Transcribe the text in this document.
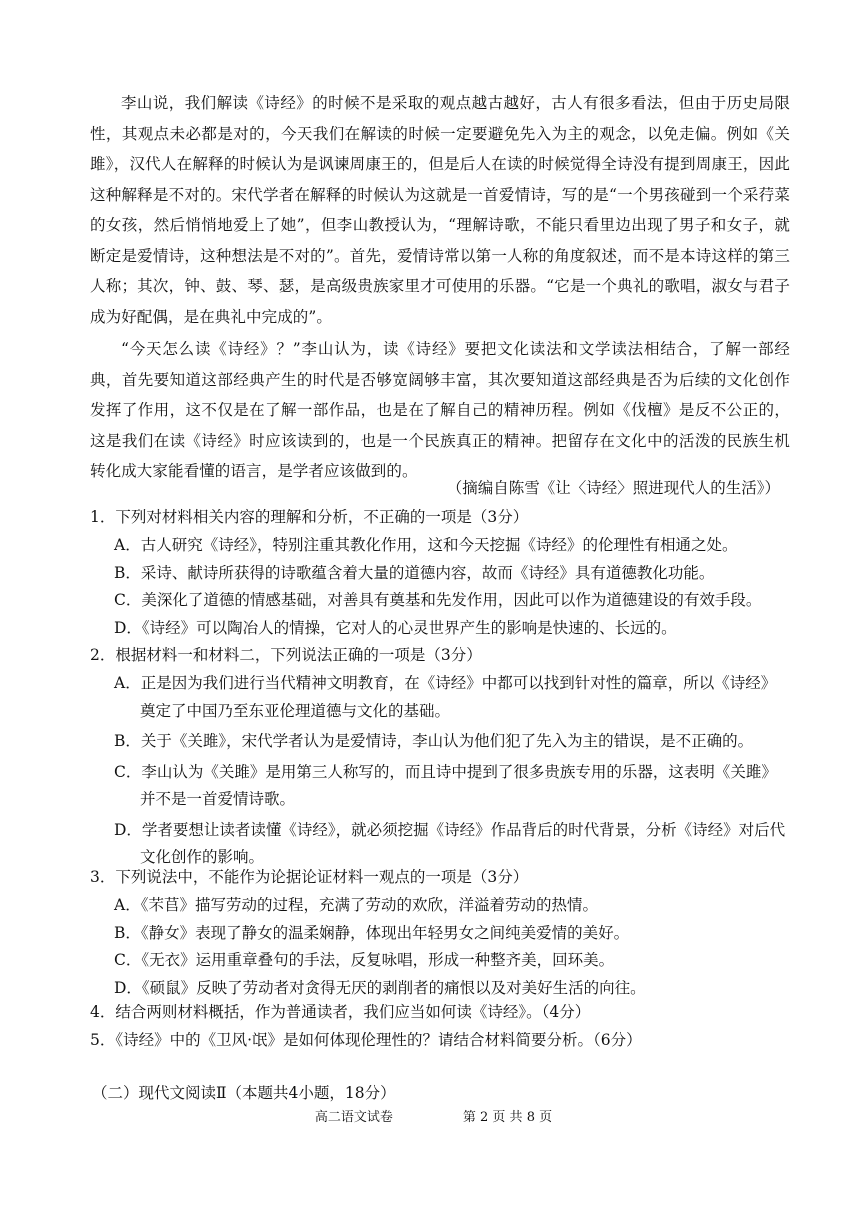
李山说，我们解读《诗经》的时候不是采取的观点越古越好，古人有很多看法，但由于历史局限性，其观点未必都是对的，今天我们在解读的时候一定要避免先入为主的观念，以免走偏。例如《关雎》，汉代人在解释的时候认为是讽谏周康王的，但是后人在读的时候觉得全诗没有提到周康王，因此这种解释是不对的。宋代学者在解释的时候认为这就是一首爱情诗，写的是“一个男孩碰到一个采荇菜的女孩，然后悄悄地爱上了她”，但李山教授认为，“理解诗歌，不能只看里边出现了男子和女子，就断定是爱情诗，这种想法是不对的”。首先，爱情诗常以第一人称的角度叙述，而不是本诗这样的第三人称；其次，钟、鼓、琴、瑟，是高级贵族家里才可使用的乐器。“它是一个典礼的歌唱，淑女与君子成为好配偶，是在典礼中完成的”。

“今天怎么读《诗经》？”李山认为，读《诗经》要把文化读法和文学读法相结合，了解一部经典，首先要知道这部经典产生的时代是否够宽阔够丰富，其次要知道这部经典是否为后续的文化创作发挥了作用，这不仅是在了解一部作品，也是在了解自己的精神历程。例如《伐檀》是反不公正的，这是我们在读《诗经》时应该读到的，也是一个民族真正的精神。把留存在文化中的活泼的民族生机转化成大家能看懂的语言，是学者应该做到的。

（摘编自陈雪《让〈诗经〉照进现代人的生活》）

1．下列对材料相关内容的理解和分析，不正确的一项是（3分）

A．古人研究《诗经》，特别注重其教化作用，这和今天挖掘《诗经》的伦理性有相通之处。

B．采诗、献诗所获得的诗歌蕴含着大量的道德内容，故而《诗经》具有道德教化功能。

C．美深化了道德的情感基础，对善具有奠基和先发作用，因此可以作为道德建设的有效手段。

D．《诗经》可以陶冶人的情操，它对人的心灵世界产生的影响是快速的、长远的。

2．根据材料一和材料二，下列说法正确的一项是（3分）

A．正是因为我们进行当代精神文明教育，在《诗经》中都可以找到针对性的篇章，所以《诗经》奠定了中国乃至东亚伦理道德与文化的基础。

B．关于《关雎》，宋代学者认为是爱情诗，李山认为他们犯了先入为主的错误，是不正确的。

C．李山认为《关雎》是用第三人称写的，而且诗中提到了很多贵族专用的乐器，这表明《关雎》并不是一首爱情诗歌。

D．学者要想让读者读懂《诗经》，就必须挖掘《诗经》作品背后的时代背景，分析《诗经》对后代文化创作的影响。

3．下列说法中，不能作为论据论证材料一观点的一项是（3分）

A．《芣苢》描写劳动的过程，充满了劳动的欢欣，洋溢着劳动的热情。

B．《静女》表现了静女的温柔娴静，体现出年轻男女之间纯美爱情的美好。

C．《无衣》运用重章叠句的手法，反复咏唱，形成一种整齐美，回环美。

D．《硕鼠》反映了劳动者对贪得无厌的剥削者的痛恨以及对美好生活的向往。

4．结合两则材料概括，作为普通读者，我们应当如何读《诗经》。（4分）

5．《诗经》中的《卫风·氓》是如何体现伦理性的？请结合材料简要分析。（6分）

（二）现代文阅读Ⅱ（本题共4小题，18分）
高二语文试卷	第 2 页 共 8 页
